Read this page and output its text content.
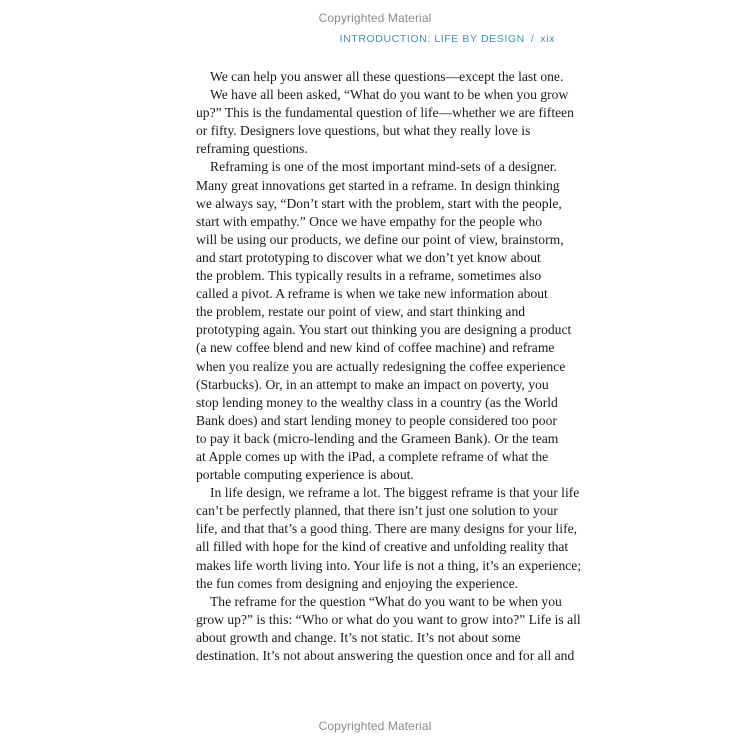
Copyrighted Material
INTRODUCTION: LIFE BY DESIGN / xix
We can help you answer all these questions—except the last one.
We have all been asked, “What do you want to be when you grow
up?” This is the fundamental question of life—whether we are fifteen
or fifty. Designers love questions, but what they really love is
reframing questions.
Reframing is one of the most important mind-sets of a designer.
Many great innovations get started in a reframe. In design thinking
we always say, “Don’t start with the problem, start with the people,
start with empathy.” Once we have empathy for the people who
will be using our products, we define our point of view, brainstorm,
and start prototyping to discover what we don’t yet know about
the problem. This typically results in a reframe, sometimes also
called a pivot. A reframe is when we take new information about
the problem, restate our point of view, and start thinking and
prototyping again. You start out thinking you are designing a product
(a new coffee blend and new kind of coffee machine) and reframe
when you realize you are actually redesigning the coffee experience
(Starbucks). Or, in an attempt to make an impact on poverty, you
stop lending money to the wealthy class in a country (as the World
Bank does) and start lending money to people considered too poor
to pay it back (micro-lending and the Grameen Bank). Or the team
at Apple comes up with the iPad, a complete reframe of what the
portable computing experience is about.
In life design, we reframe a lot. The biggest reframe is that your life
can’t be perfectly planned, that there isn’t just one solution to your
life, and that that’s a good thing. There are many designs for your life,
all filled with hope for the kind of creative and unfolding reality that
makes life worth living into. Your life is not a thing, it’s an experience;
the fun comes from designing and enjoying the experience.
The reframe for the question “What do you want to be when you
grow up?” is this: “Who or what do you want to grow into?” Life is all
about growth and change. It’s not static. It’s not about some
destination. It’s not about answering the question once and for all and
Copyrighted Material
